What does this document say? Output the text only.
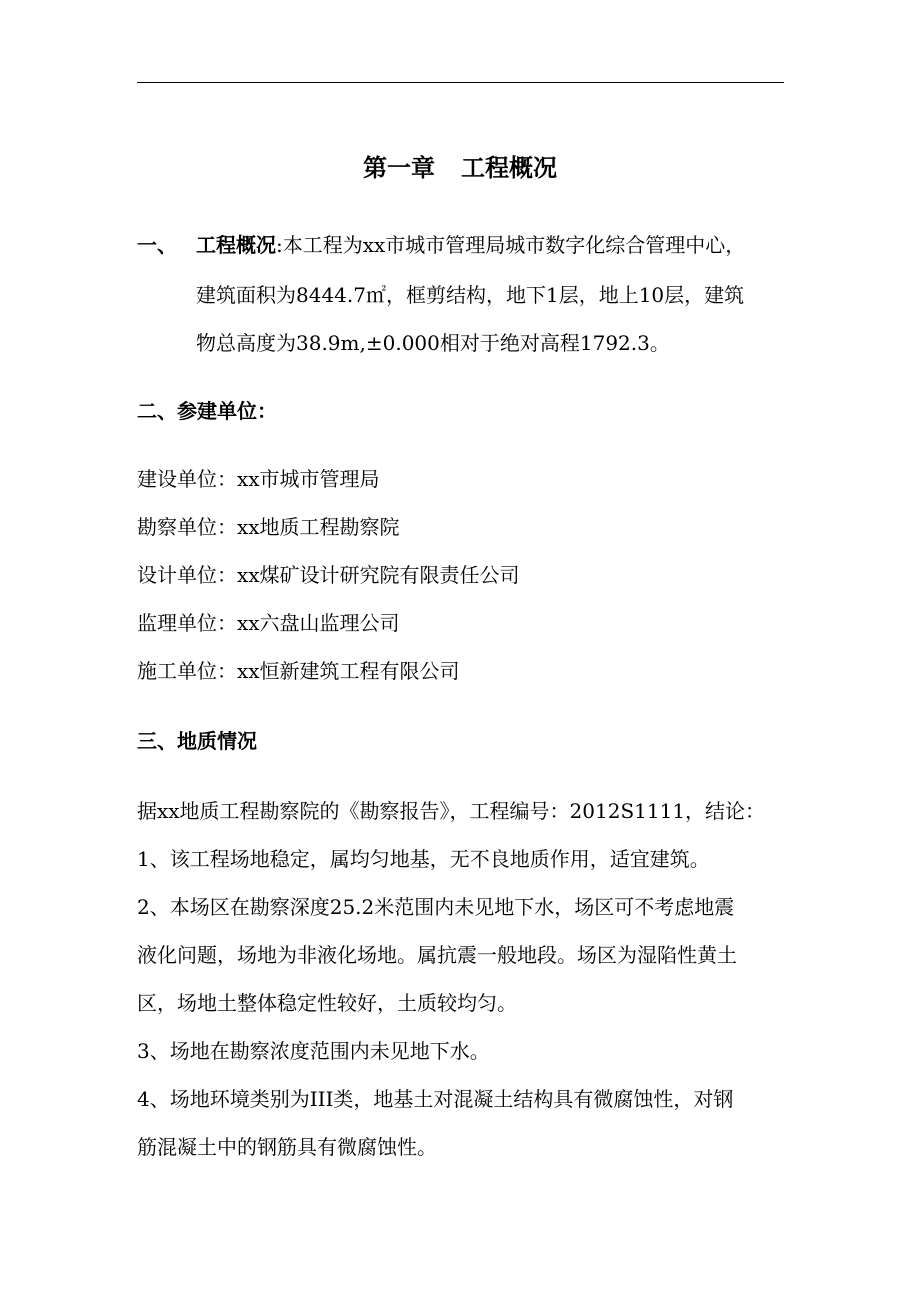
第一章 工程概况
一、 工程概况:本工程为xx市城市管理局城市数字化综合管理中心，
建筑面积为8444.7㎡，框剪结构，地下1层，地上10层，建筑
物总高度为38.9m,±0.000相对于绝对高程1792.3。
二、参建单位：
建设单位：xx市城市管理局
勘察单位：xx地质工程勘察院
设计单位：xx煤矿设计研究院有限责任公司
监理单位：xx六盘山监理公司
施工单位：xx恒新建筑工程有限公司
三、地质情况
据xx地质工程勘察院的《勘察报告》，工程编号：2012S1111，结论：
1、该工程场地稳定，属均匀地基，无不良地质作用，适宜建筑。
2、本场区在勘察深度25.2米范围内未见地下水，场区可不考虑地震
液化问题，场地为非液化场地。属抗震一般地段。场区为湿陷性黄土
区，场地土整体稳定性较好，土质较均匀。
3、场地在勘察浓度范围内未见地下水。
4、场地环境类别为III类，地基土对混凝土结构具有微腐蚀性，对钢
筋混凝土中的钢筋具有微腐蚀性。
